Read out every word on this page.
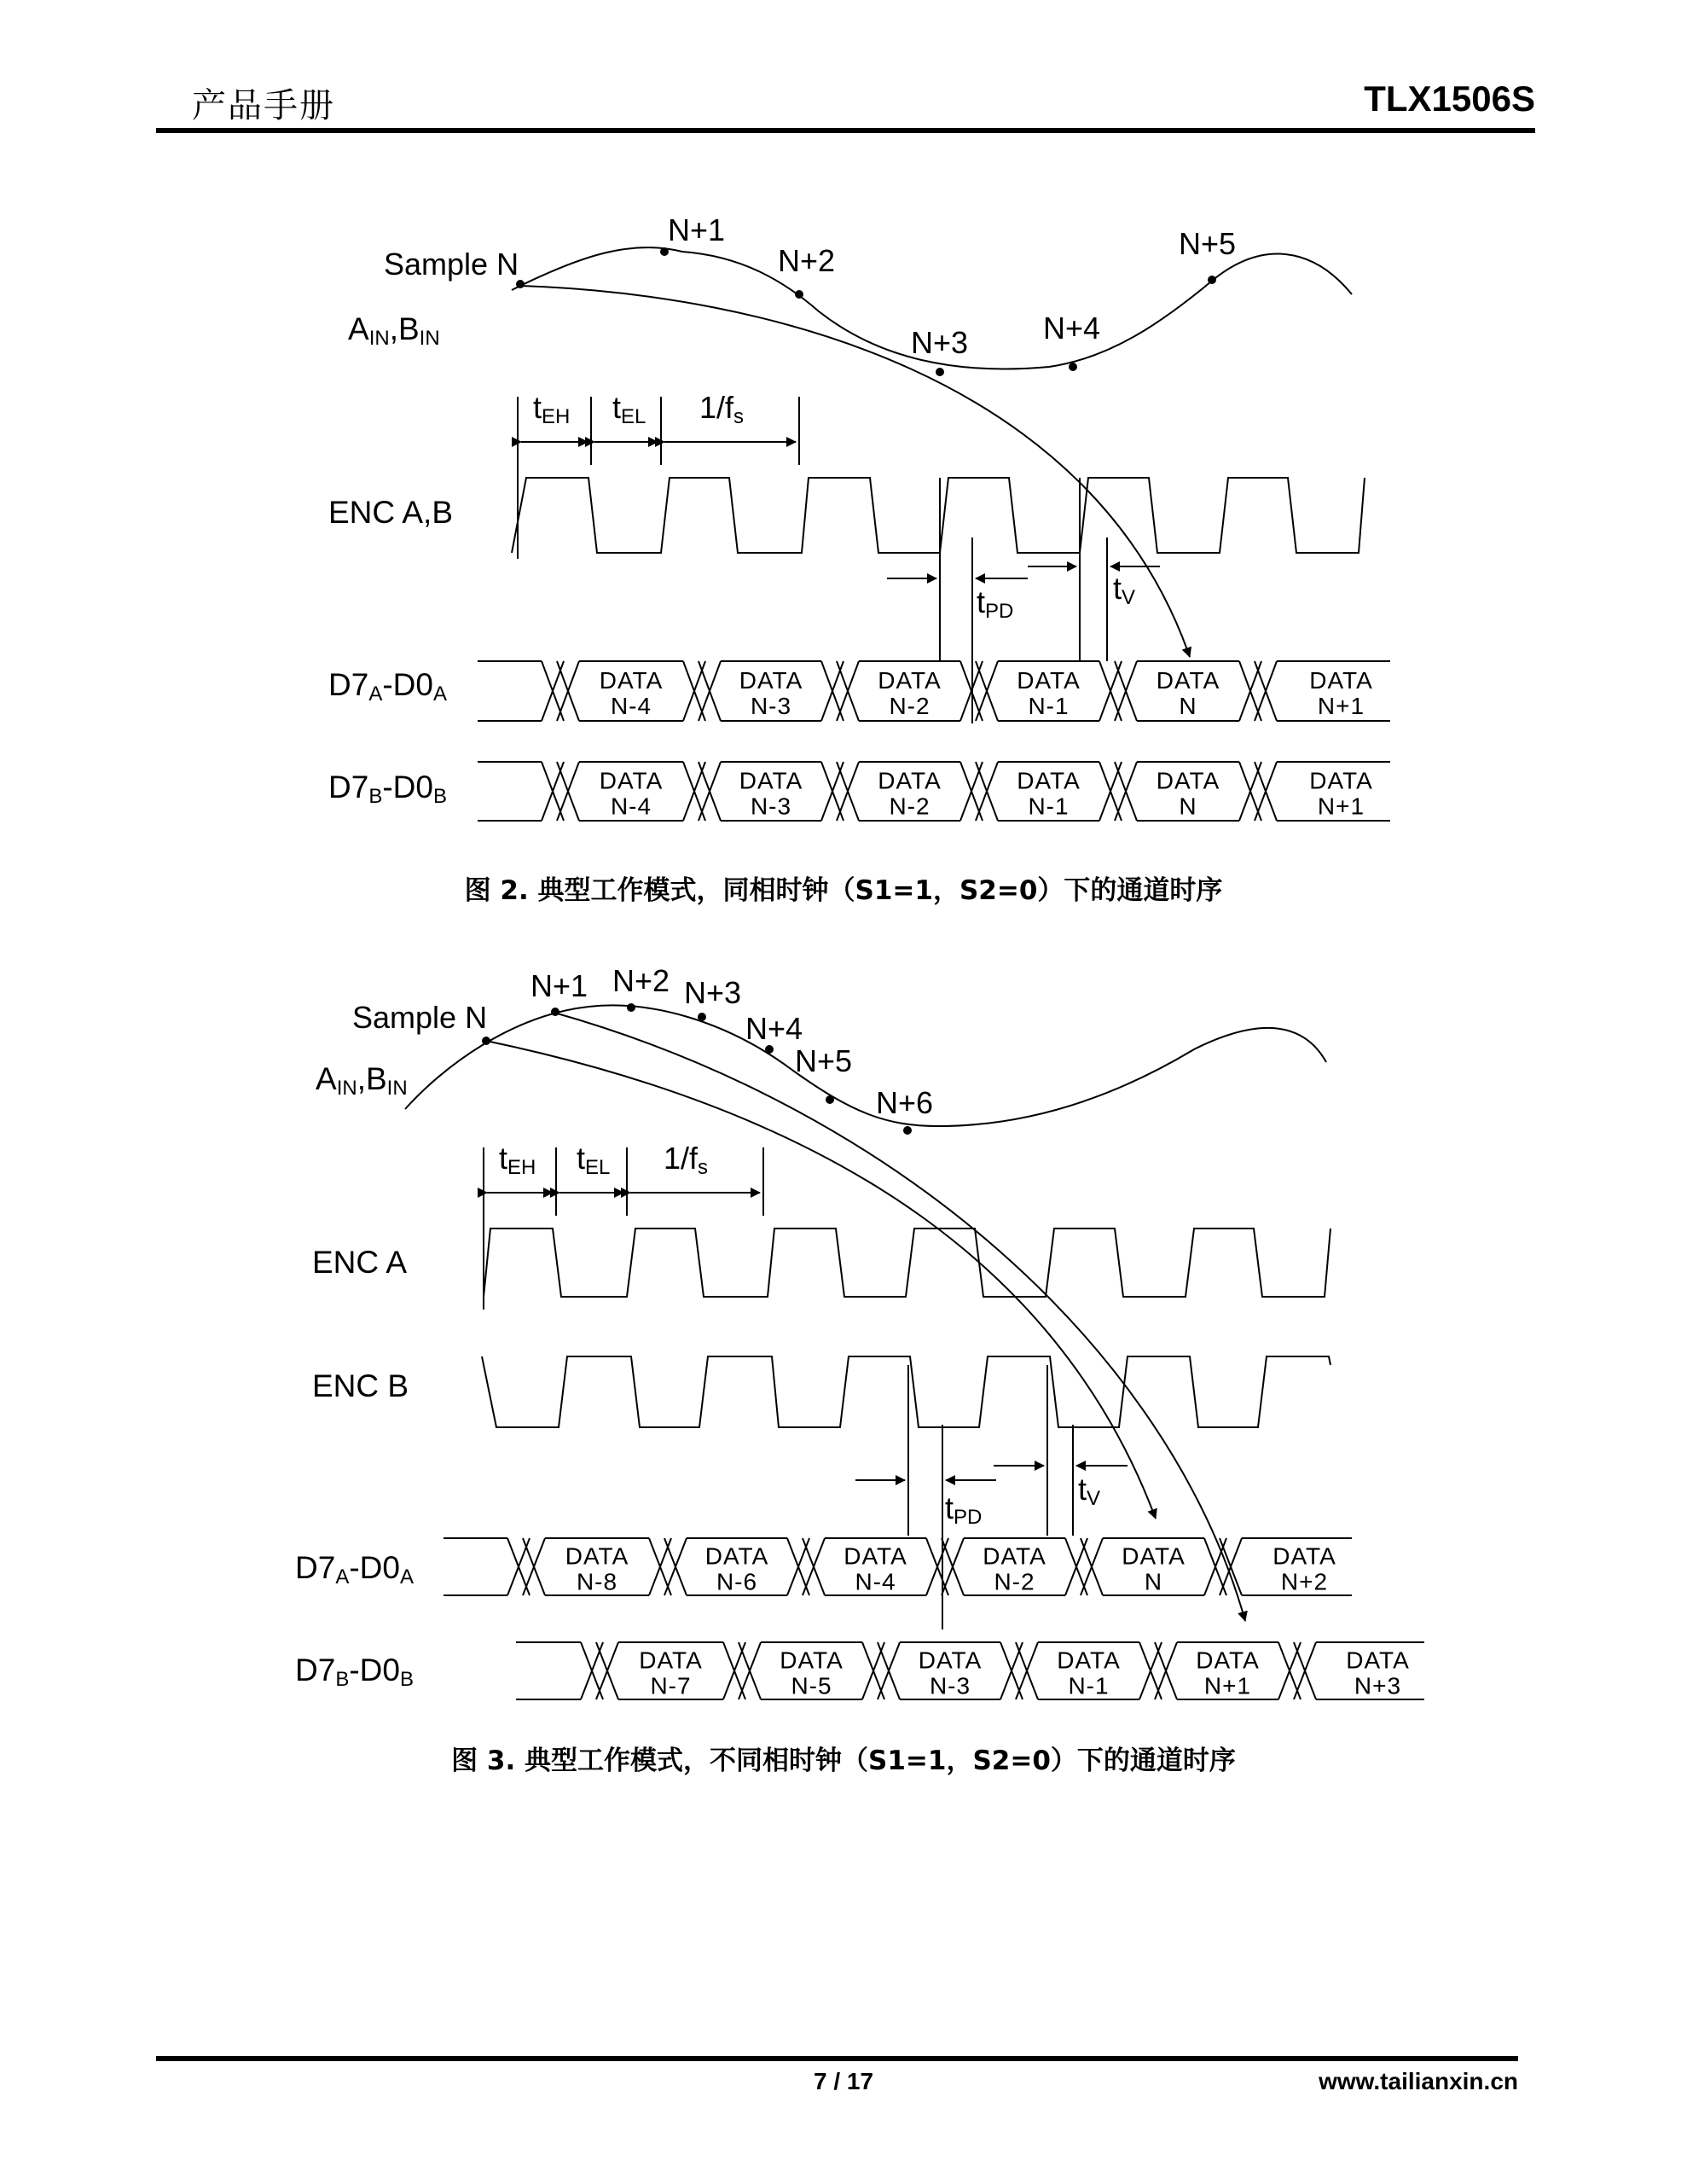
产品手册	TLX1506S
Sample N
N+1
N+2
N+3 N+4
N+5
AIN,BIN
tEH tEL 1/fs
ENC A,B
tPD
tV
D7A-D0A
DATA
N-4
DATA
N-3
DATA
N-2
DATA
N-1
DATA
N
DATA
N+1
D7B-D0B
DATA
N-4
DATA
N-3
DATA
N-2
DATA
N-1
DATA
N
DATA
N+1
图 2. 典型工作模式，同相时钟（S1=1，S2=0）下的通道时序
Sample N
N+1 N+2 N+3
N+4
N+5
N+6
AIN,BIN
tEH tEL 1/fs
ENC A
ENC B
tPD
tV
D7A-D0A
DATA
N-8
DATA
N-6
DATA
N-4
DATA
N-2
DATA
N
DATA
N+2
D7B-D0B
DATA
N-7
DATA
N-5
DATA
N-3
DATA
N-1
DATA
N+1
DATA
N+3
图 3. 典型工作模式，不同相时钟（S1=1，S2=0）下的通道时序
7 / 17	www.tailianxin.cn
